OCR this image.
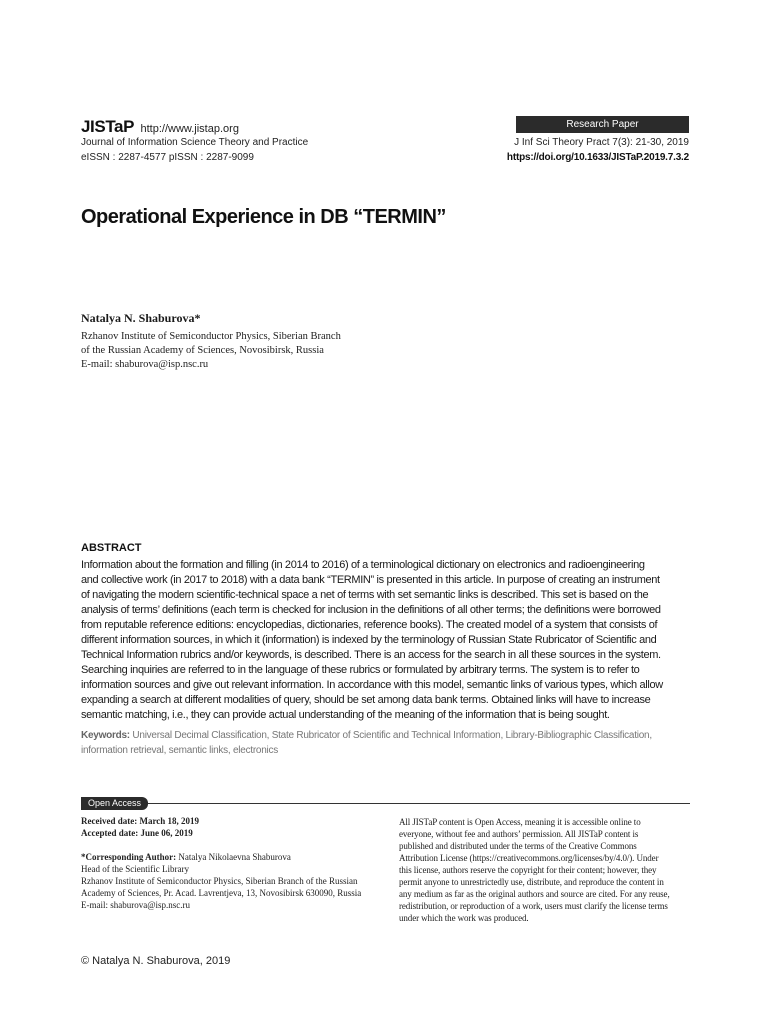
JISTaP http://www.jistap.org
Journal of Information Science Theory and Practice
eISSN : 2287-4577 pISSN : 2287-9099
Research Paper
J Inf Sci Theory Pract 7(3): 21-30, 2019
https://doi.org/10.1633/JISTaP.2019.7.3.2
Operational Experience in DB “TERMIN”
Natalya N. Shaburova*
Rzhanov Institute of Semiconductor Physics, Siberian Branch
of the Russian Academy of Sciences, Novosibirsk, Russia
E-mail: shaburova@isp.nsc.ru
ABSTRACT
Information about the formation and filling (in 2014 to 2016) of a terminological dictionary on electronics and radioengineering
and collective work (in 2017 to 2018) with a data bank “TERMIN” is presented in this article. In purpose of creating an instrument
of navigating the modern scientific-technical space a net of terms with set semantic links is described. This set is based on the
analysis of terms’ definitions (each term is checked for inclusion in the definitions of all other terms; the definitions were borrowed
from reputable reference editions: encyclopedias, dictionaries, reference books). The created model of a system that consists of
different information sources, in which it (information) is indexed by the terminology of Russian State Rubricator of Scientific and
Technical Information rubrics and/or keywords, is described. There is an access for the search in all these sources in the system.
Searching inquiries are referred to in the language of these rubrics or formulated by arbitrary terms. The system is to refer to
information sources and give out relevant information. In accordance with this model, semantic links of various types, which allow
expanding a search at different modalities of query, should be set among data bank terms. Obtained links will have to increase
semantic matching, i.e., they can provide actual understanding of the meaning of the information that is being sought.
Keywords: Universal Decimal Classification, State Rubricator of Scientific and Technical Information, Library-Bibliographic Classification,
information retrieval, semantic links, electronics
Open Access
Received date: March 18, 2019
Accepted date: June 06, 2019
*Corresponding Author: Natalya Nikolaevna Shaburova
Head of the Scientific Library
Rzhanov Institute of Semiconductor Physics, Siberian Branch of the Russian
Academy of Sciences, Pr. Acad. Lavrentjeva, 13, Novosibirsk 630090, Russia
E-mail: shaburova@isp.nsc.ru
All JISTaP content is Open Access, meaning it is accessible online to
everyone, without fee and authors’ permission. All JISTaP content is
published and distributed under the terms of the Creative Commons
Attribution License (https://creativecommons.org/licenses/by/4.0/). Under
this license, authors reserve the copyright for their content; however, they
permit anyone to unrestrictedly use, distribute, and reproduce the content in
any medium as far as the original authors and source are cited. For any reuse,
redistribution, or reproduction of a work, users must clarify the license terms
under which the work was produced.
© Natalya N. Shaburova, 2019
